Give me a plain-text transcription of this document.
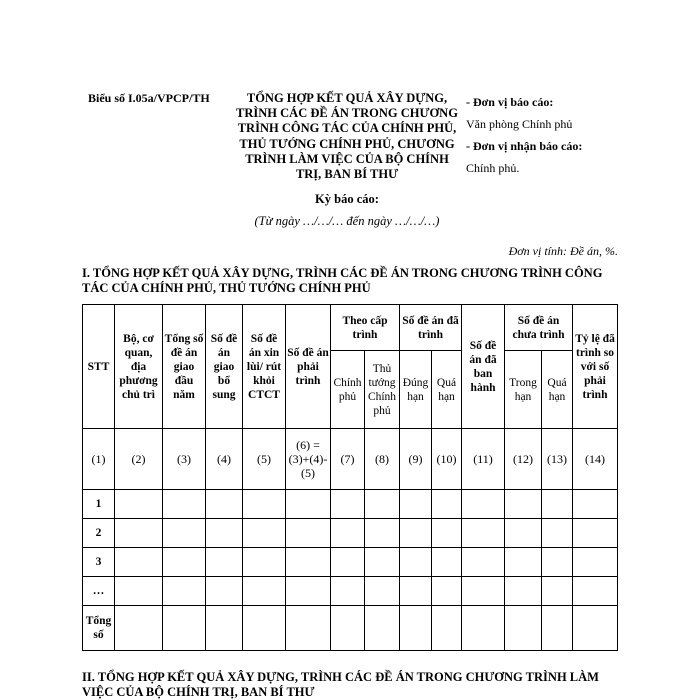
Biểu số I.05a/VPCP/TH	TỔNG HỢP KẾT QUẢ XÂY DỰNG, TRÌNH CÁC ĐỀ ÁN TRONG CHƯƠNG TRÌNH CÔNG TÁC CỦA CHÍNH PHỦ, THỦ TƯỚNG CHÍNH PHỦ, CHƯƠNG TRÌNH LÀM VIỆC CỦA BỘ CHÍNH TRỊ, BAN BÍ THƯ
- Đơn vị báo cáo:
Văn phòng Chính phủ
- Đơn vị nhận báo cáo:
Chính phủ.
Kỳ báo cáo:
(Từ ngày …/…/… đến ngày …/…/…)
Đơn vị tính: Đề án, %.
I. TỔNG HỢP KẾT QUẢ XÂY DỰNG, TRÌNH CÁC ĐỀ ÁN TRONG CHƯƠNG TRÌNH CÔNG TÁC CỦA CHÍNH PHỦ, THỦ TƯỚNG CHÍNH PHỦ
STT	Bộ, cơ quan, địa phương chủ trì	Tổng số đề án giao đầu năm	Số đề án giao bổ sung	Số đề án xin lùi/ rút khỏi CTCT	Số đề án phải trình	Theo cấp trình		Số đề án đã trình		Số đề án đã ban hành	Số đề án chưa trình		Tỷ lệ đã trình so với số phải trình
						Chính phủ	Thủ tướng Chính phủ	Đúng hạn	Quá hạn		Trong hạn	Quá hạn	
(1)	(2)	(3)	(4)	(5)	(6) = (3)+(4)-(5)	(7)	(8)	(9)	(10)	(11)	(12)	(13)	(14)
1													
2													
3													
…													
Tổng số													
II. TỔNG HỢP KẾT QUẢ XÂY DỰNG, TRÌNH CÁC ĐỀ ÁN TRONG CHƯƠNG TRÌNH LÀM VIỆC CỦA BỘ CHÍNH TRỊ, BAN BÍ THƯ
